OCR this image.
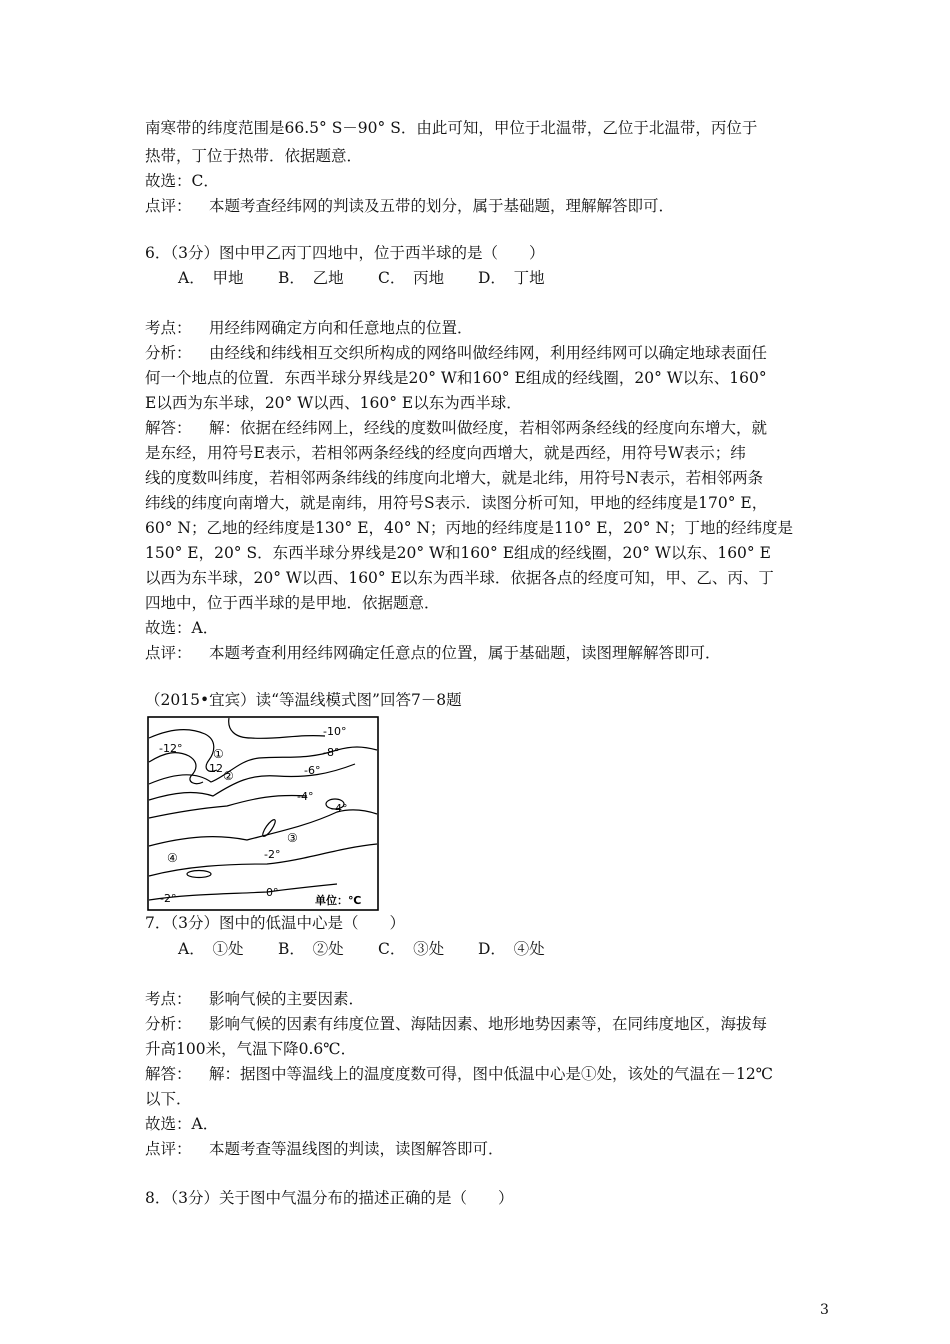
南寒带的纬度范围是66.5° S－90° S．由此可知，甲位于北温带，乙位于北温带，丙位于
热带，丁位于热带．依据题意．
故选：C．
点评： 本题考查经纬网的判读及五带的划分，属于基础题，理解解答即可．
6．（3分）图中甲乙丙丁四地中，位于西半球的是（　　）
A．　甲地 B．　乙地 C．　丙地 D．　丁地
考点： 用经纬网确定方向和任意地点的位置．
分析： 由经线和纬线相互交织所构成的网络叫做经纬网，利用经纬网可以确定地球表面任
何一个地点的位置．东西半球分界线是20° W和160° E组成的经线圈，20° W以东、160°
E以西为东半球，20° W以西、160° E以东为西半球．
解答： 解：依据在经纬网上，经线的度数叫做经度，若相邻两条经线的经度向东增大，就
是东经，用符号E表示，若相邻两条经线的经度向西增大，就是西经，用符号W表示；纬
线的度数叫纬度，若相邻两条纬线的纬度向北增大，就是北纬，用符号N表示，若相邻两条
纬线的纬度向南增大，就是南纬，用符号S表示．读图分析可知，甲地的经纬度是170° E，
60° N；乙地的经纬度是130° E，40° N；丙地的经纬度是110° E，20° N；丁地的经纬度是
150° E，20° S．东西半球分界线是20° W和160° E组成的经线圈，20° W以东、160° E
以西为东半球，20° W以西、160° E以东为西半球．依据各点的经度可知，甲、乙、丙、丁
四地中，位于西半球的是甲地．依据题意．
故选：A．
点评： 本题考查利用经纬网确定任意点的位置，属于基础题，读图理解解答即可．
（2015•宜宾）读“等温线模式图”回答7－8题
-10°
-12°	-8°
-6°
-4°
-4°
-2°
-2°	0°
12
①
②
③
④
单位：℃
7．（3分）图中的低温中心是（　　）
A．　①处 B．　②处 C．　③处 D．　④处
考点： 影响气候的主要因素．
分析： 影响气候的因素有纬度位置、海陆因素、地形地势因素等，在同纬度地区，海拔每
升高100米，气温下降0.6℃．
解答： 解：据图中等温线上的温度度数可得，图中低温中心是①处，该处的气温在－12℃
以下．
故选：A．
点评： 本题考查等温线图的判读，读图解答即可．
8．（3分）关于图中气温分布的描述正确的是（　　）
3
